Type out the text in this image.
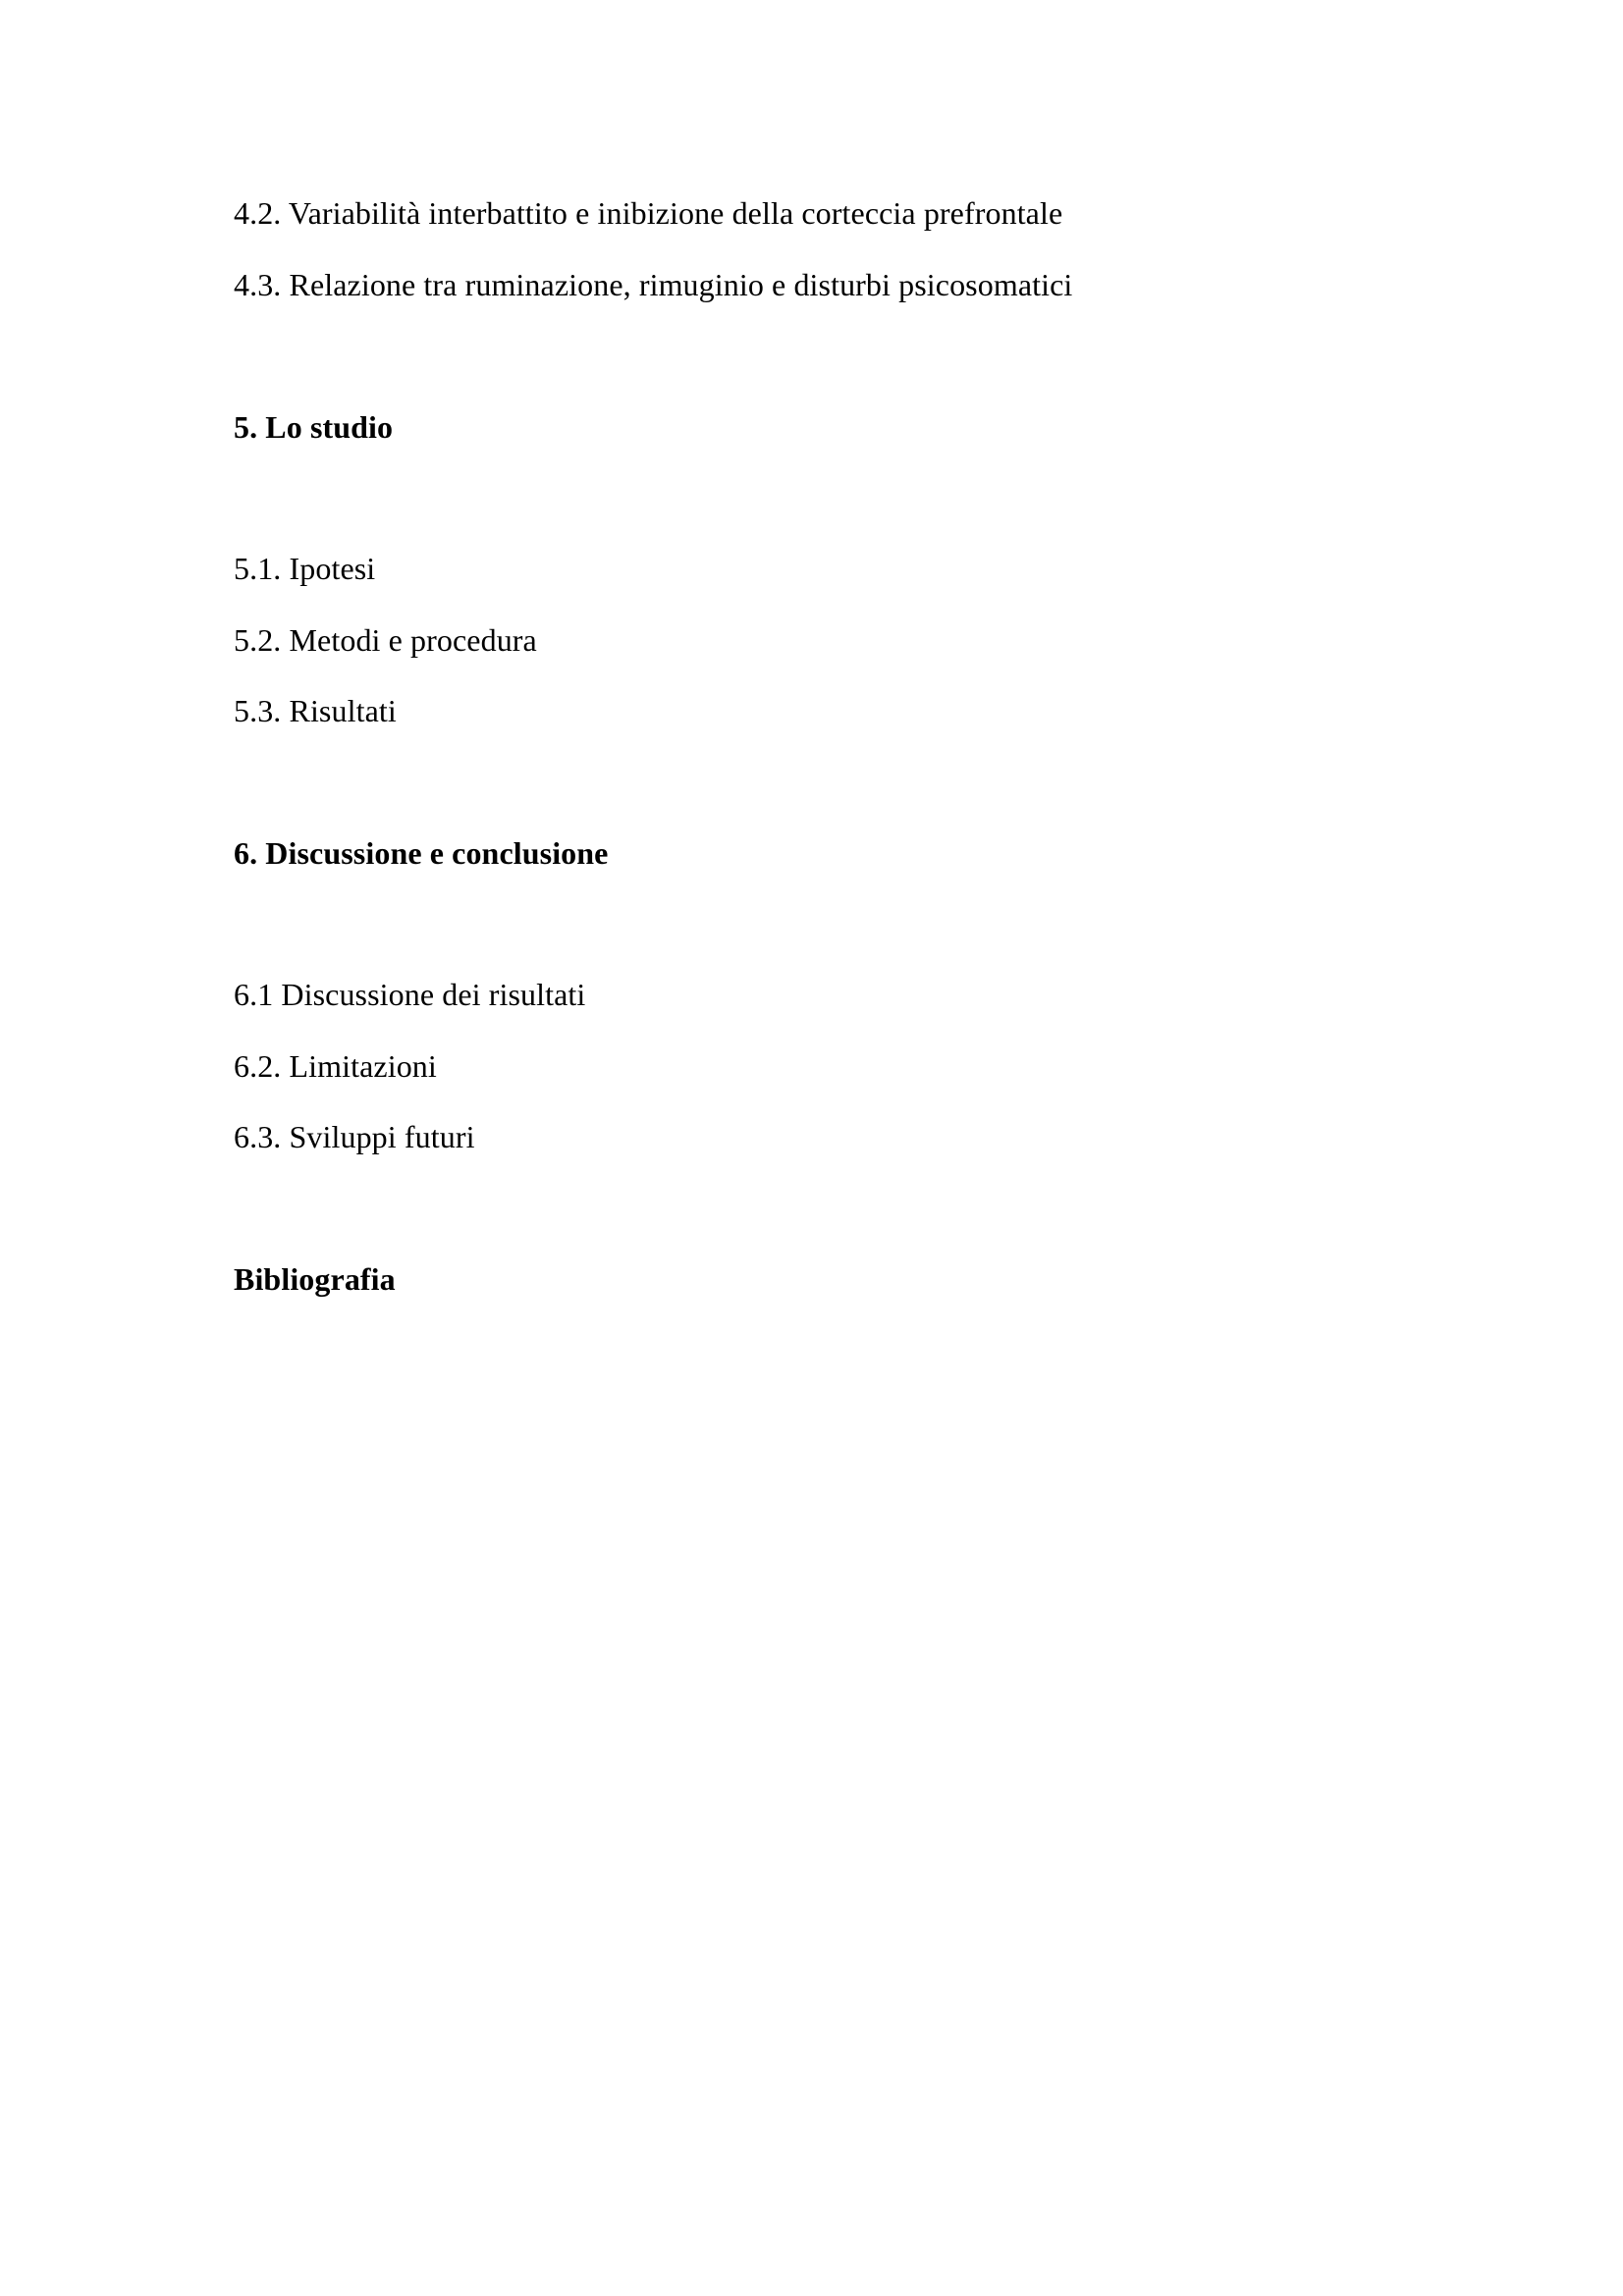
4.2. Variabilità interbattito e inibizione della corteccia prefrontale
4.3. Relazione tra ruminazione, rimuginio e disturbi psicosomatici
5. Lo studio
5.1. Ipotesi
5.2. Metodi e procedura
5.3. Risultati
6. Discussione e conclusione
6.1 Discussione dei risultati
6.2. Limitazioni
6.3. Sviluppi futuri
Bibliografia
